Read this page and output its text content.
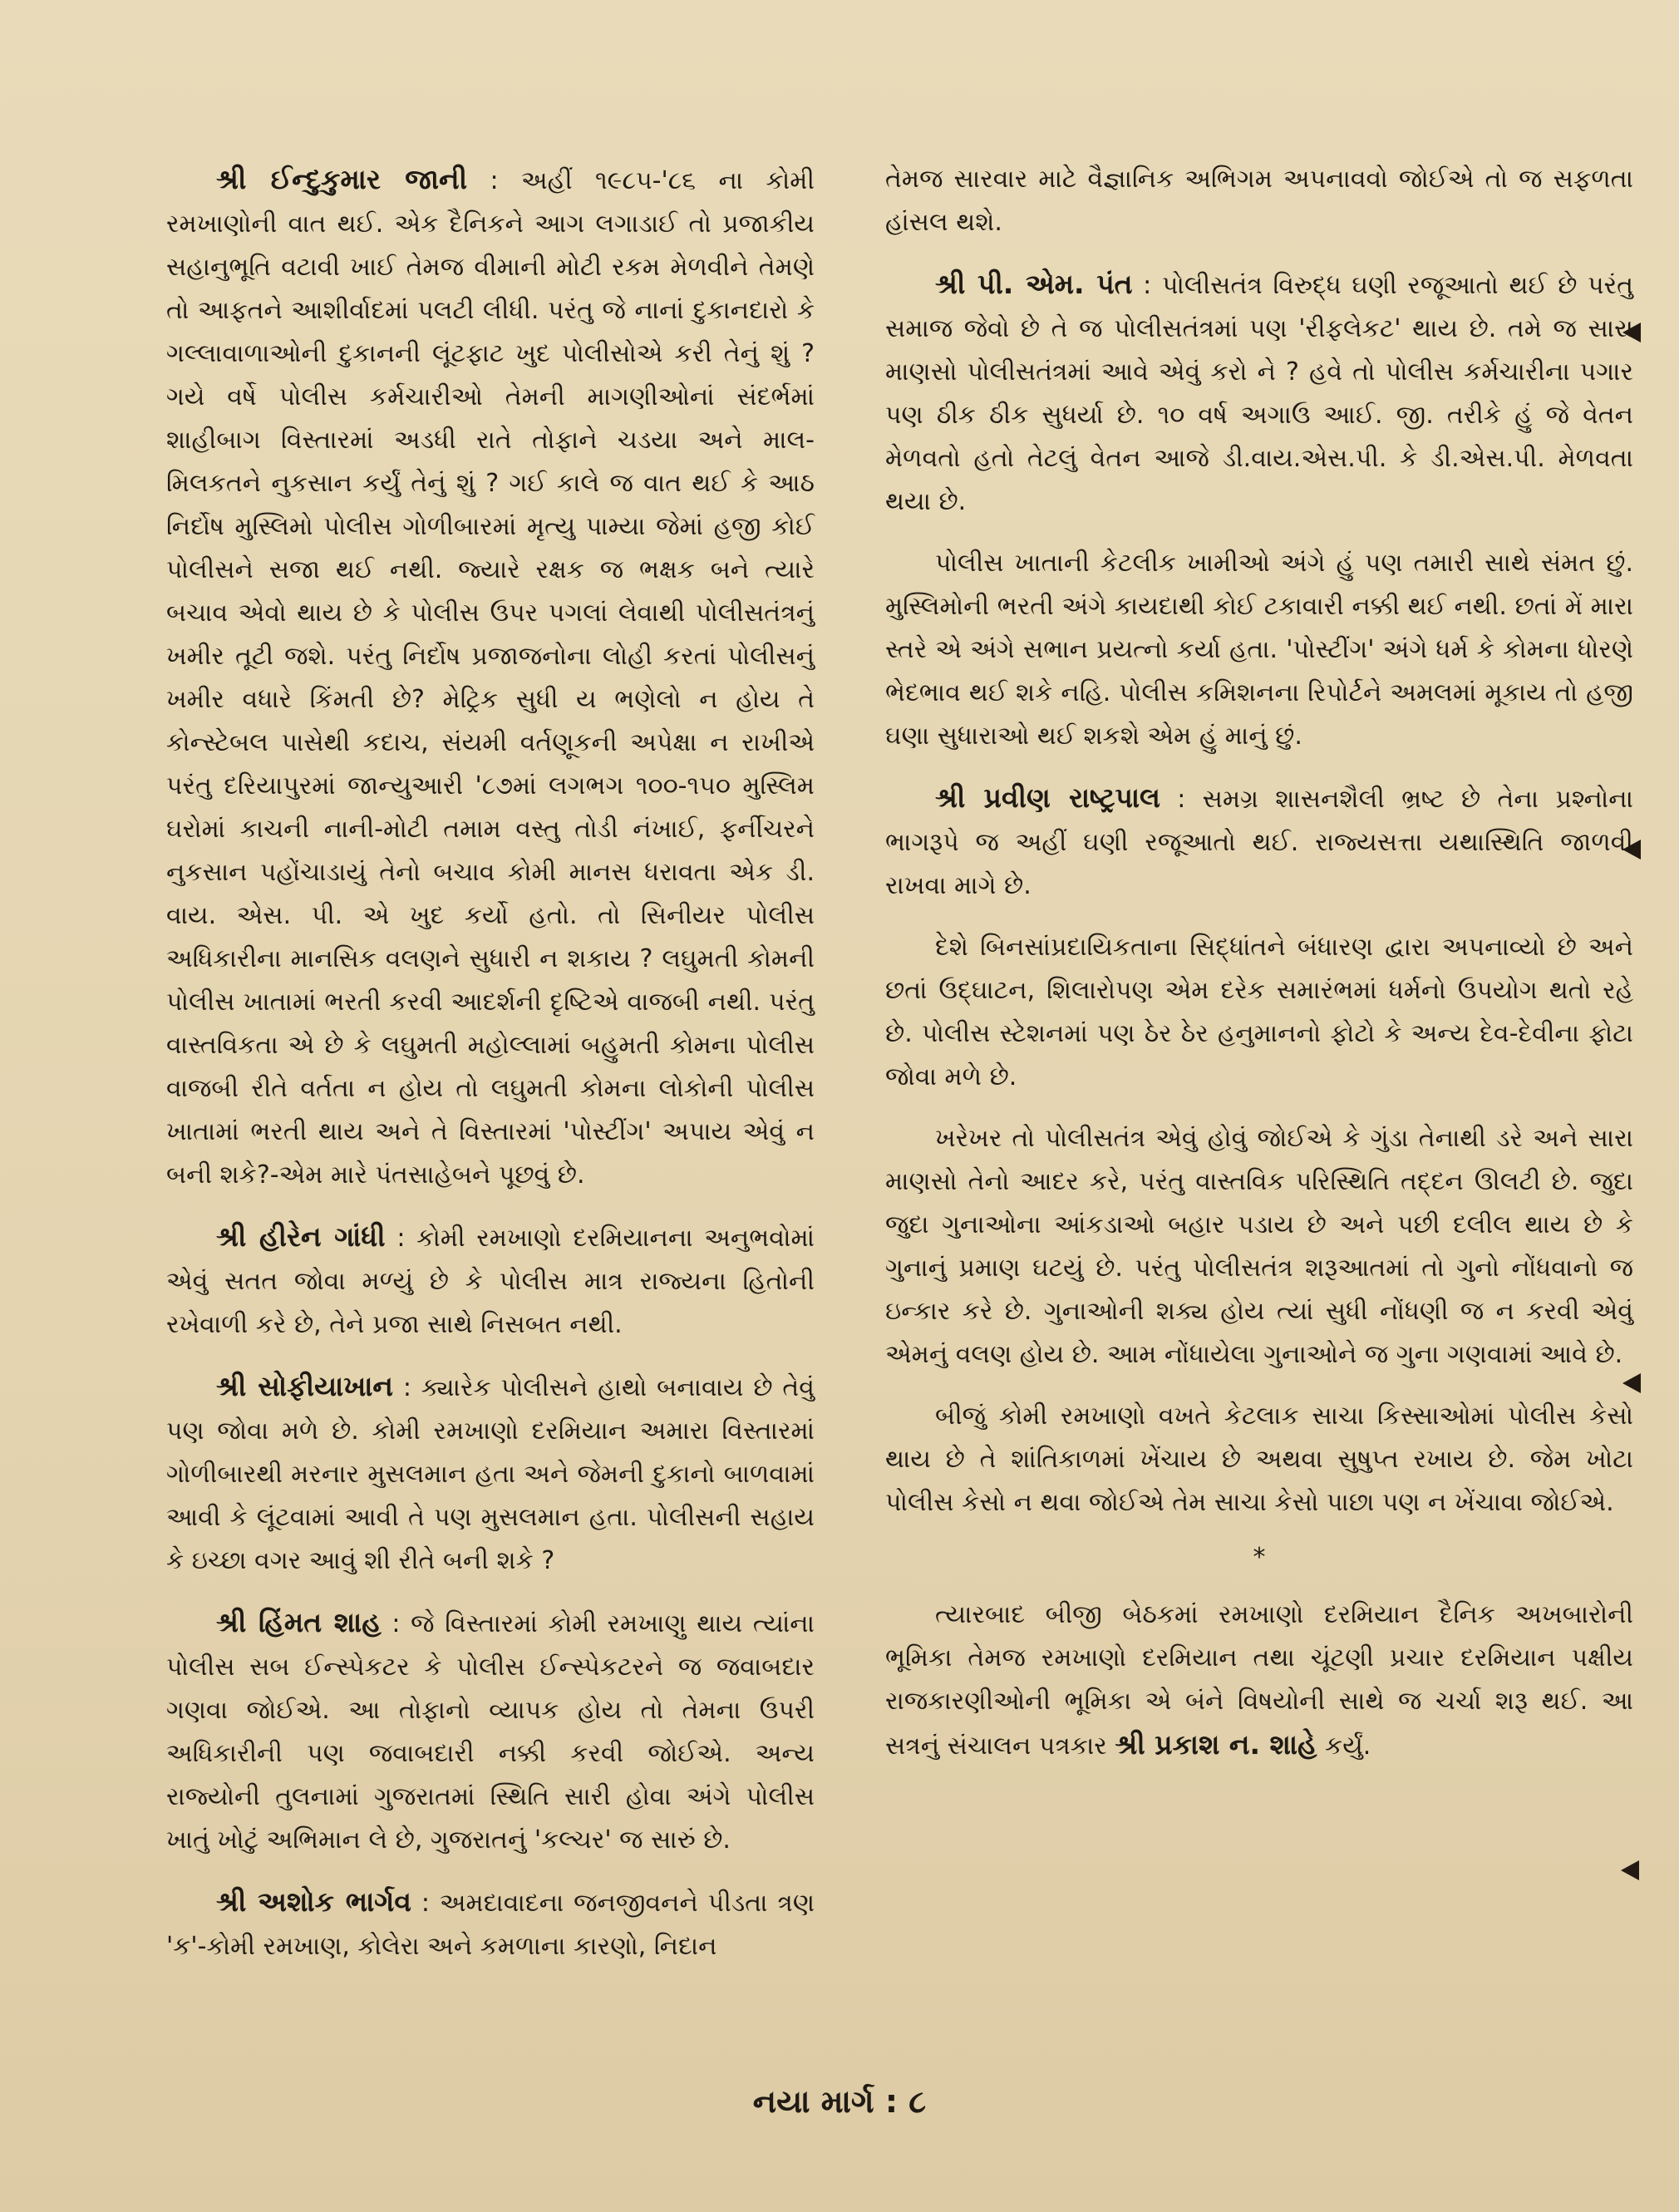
શ્રી ઈન્દુકુમાર જાની : અહીં ૧૯૮૫-'૮૬ ના કોમી રમખાણોની વાત થઈ. એક દૈનિકને આગ લગાડાઈ તો પ્રજાકીય સહાનુભૂતિ વટાવી ખાઈ તેમજ વીમાની મોટી રકમ મેળવીને તેમણે તો આફતને આશીર્વાદમાં પલટી લીધી. પરંતુ જે નાનાં દુકાનદારો કે ગલ્લાવાળાઓની દુકાનની લૂંટફાટ ખુદ પોલીસોએ કરી તેનું શું ? ગયે વર્ષે પોલીસ કર્મચારીઓ તેમની માગણીઓનાં સંદર્ભમાં શાહીબાગ વિસ્તારમાં અડધી રાતે તોફાને ચડયા અને માલ-મિલકતને નુકસાન કર્યું તેનું શું ? ગઈ કાલે જ વાત થઈ કે આઠ નિર્દોષ મુસ્લિમો પોલીસ ગોળીબારમાં મૃત્યુ પામ્યા જેમાં હજી કોઈ પોલીસને સજા થઈ નથી. જ્યારે રક્ષક જ ભક્ષક બને ત્યારે બચાવ એવો થાય છે કે પોલીસ ઉપર પગલાં લેવાથી પોલીસતંત્રનું ખમીર તૂટી જશે. પરંતુ નિર્દોષ પ્રજાજનોના લોહી કરતાં પોલીસનું ખમીર વધારે કિંમતી છે? મેટ્રિક સુધી ય ભણેલો ન હોય તે કોન્સ્ટેબલ પાસેથી કદાચ, સંયમી વર્તણૂકની અપેક્ષા ન રાખીએ પરંતુ દરિયાપુરમાં જાન્યુઆરી '૮૭માં લગભગ ૧૦૦-૧૫૦ મુસ્લિમ ઘરોમાં કાચની નાની-મોટી તમામ વસ્તુ તોડી નંખાઈ, ફર્નીચરને નુકસાન પહોંચાડાયું તેનો બચાવ કોમી માનસ ધરાવતા એક ડી. વાય. એસ. પી. એ ખુદ કર્યો હતો. તો સિનીયર પોલીસ અધિકારીના માનસિક વલણને સુધારી ન શકાય ? લઘુમતી કોમની પોલીસ ખાતામાં ભરતી કરવી આદર્શની દૃષ્ટિએ વાજબી નથી. પરંતુ વાસ્તવિકતા એ છે કે લઘુમતી મહોલ્લામાં બહુમતી કોમના પોલીસ વાજબી રીતે વર્તતા ન હોય તો લઘુમતી કોમના લોકોની પોલીસ ખાતામાં ભરતી થાય અને તે વિસ્તારમાં 'પોસ્ટીંગ' અપાય એવું ન બની શકે?-એમ મારે પંતસાહેબને પૂછવું છે.

શ્રી હીરેન ગાંધી : કોમી રમખાણો દરમિયાનના અનુભવોમાં એવું સતત જોવા મળ્યું છે કે પોલીસ માત્ર રાજ્યના હિતોની રખેવાળી કરે છે, તેને પ્રજા સાથે નિસબત નથી.

શ્રી સોફીયાખાન : ક્યારેક પોલીસને હાથો બનાવાય છે તેવું પણ જોવા મળે છે. કોમી રમખાણો દરમિયાન અમારા વિસ્તારમાં ગોળીબારથી મરનાર મુસલમાન હતા અને જેમની દુકાનો બાળવામાં આવી કે લૂંટવામાં આવી તે પણ મુસલમાન હતા. પોલીસની સહાય કે ઇચ્છા વગર આવું શી રીતે બની શકે ?

શ્રી હિંમત શાહ : જે વિસ્તારમાં કોમી રમખાણુ થાય ત્યાંના પોલીસ સબ ઈન્સ્પેકટર કે પોલીસ ઈન્સ્પેકટરને જ જવાબદાર ગણવા જોઈએ. આ તોફાનો વ્યાપક હોય તો તેમના ઉપરી અધિકારીની પણ જવાબદારી નક્કી કરવી જોઈએ. અન્ય રાજ્યોની તુલનામાં ગુજરાતમાં સ્થિતિ સારી હોવા અંગે પોલીસ ખાતું ખોટું અભિમાન લે છે, ગુજરાતનું 'કલ્ચર' જ સારું છે.

શ્રી અશોક ભાર્ગવ : અમદાવાદના જનજીવનને પીડતા ત્રણ 'ક'-કોમી રમખાણ, કોલેરા અને કમળાના કારણો, નિદાન

તેમજ સારવાર માટે વૈજ્ઞાનિક અભિગમ અપનાવવો જોઈએ તો જ સફળતા હાંસલ થશે.

શ્રી પી. એમ. પંત : પોલીસતંત્ર વિરુદ્ધ ઘણી રજૂઆતો થઈ છે પરંતુ સમાજ જેવો છે તે જ પોલીસતંત્રમાં પણ 'રીફલેકટ' થાય છે. તમે જ સારા માણસો પોલીસતંત્રમાં આવે એવું કરો ને ? હવે તો પોલીસ કર્મચારીના પગાર પણ ઠીક ઠીક સુધર્યા છે. ૧૦ વર્ષ અગાઉ આઈ. જી. તરીકે હું જે વેતન મેળવતો હતો તેટલું વેતન આજે ડી.વાય.એસ.પી. કે ડી.એસ.પી. મેળવતા થયા છે.

પોલીસ ખાતાની કેટલીક ખામીઓ અંગે હું પણ તમારી સાથે સંમત છું. મુસ્લિમોની ભરતી અંગે કાયદાથી કોઈ ટકાવારી નક્કી થઈ નથી. છતાં મેં મારા સ્તરે એ અંગે સભાન પ્રયત્નો કર્યા હતા. 'પોસ્ટીંગ' અંગે ધર્મ કે કોમના ધોરણે ભેદભાવ થઈ શકે નહિ. પોલીસ કમિશનના રિપોર્ટને અમલમાં મૂકાય તો હજી ઘણા સુધારાઓ થઈ શકશે એમ હું માનું છું.

શ્રી પ્રવીણ રાષ્ટ્રપાલ : સમગ્ર શાસનશૈલી ભ્રષ્ટ છે તેના પ્રશ્નોના ભાગરૂપે જ અહીં ઘણી રજૂઆતો થઈ. રાજ્યસત્તા યથાસ્થિતિ જાળવી રાખવા માગે છે.

દેશે બિનસાંપ્રદાયિકતાના સિદ્ધાંતને બંધારણ દ્વારા અપનાવ્યો છે અને છતાં ઉદ્ઘાટન, શિલારોપણ એમ દરેક સમારંભમાં ધર્મનો ઉપયોગ થતો રહે છે. પોલીસ સ્ટેશનમાં પણ ઠેર ઠેર હનુમાનનો ફોટો કે અન્ય દેવ-દેવીના ફોટા જોવા મળે છે.

ખરેખર તો પોલીસતંત્ર એવું હોવું જોઈએ કે ગુંડા તેનાથી ડરે અને સારા માણસો તેનો આદર કરે, પરંતુ વાસ્તવિક પરિસ્થિતિ તદ્દન ઊલટી છે. જુદા જુદા ગુનાઓના આંકડાઓ બહાર પડાય છે અને પછી દલીલ થાય છે કે ગુનાનું પ્રમાણ ઘટયું છે. પરંતુ પોલીસતંત્ર શરૂઆતમાં તો ગુનો નોંધવાનો જ ઇન્કાર કરે છે. ગુનાઓની શક્ય હોય ત્યાં સુધી નોંધણી જ ન કરવી એવું એમનું વલણ હોય છે. આમ નોંધાયેલા ગુનાઓને જ ગુના ગણવામાં આવે છે.

બીજું કોમી રમખાણો વખતે કેટલાક સાચા કિસ્સાઓમાં પોલીસ કેસો થાય છે તે શાંતિકાળમાં ખેંચાય છે અથવા સુષુપ્ત રખાય છે. જેમ ખોટા પોલીસ કેસો ન થવા જોઈએ તેમ સાચા કેસો પાછા પણ ન ખેંચાવા જોઈએ.

*

ત્યારબાદ બીજી બેઠકમાં રમખાણો દરમિયાન દૈનિક અખબારોની ભૂમિકા તેમજ રમખાણો દરમિયાન તથા ચૂંટણી પ્રચાર દરમિયાન પક્ષીય રાજકારણીઓની ભૂમિકા એ બંને વિષયોની સાથે જ ચર્ચા શરૂ થઈ. આ સત્રનું સંચાલન પત્રકાર શ્રી પ્રકાશ ન. શાહે કર્યું.

નયા માર્ગ : ૮
